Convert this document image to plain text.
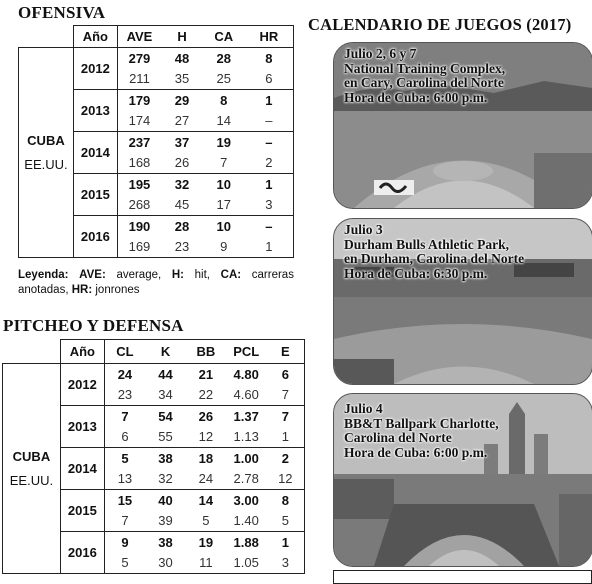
OFENSIVA
	Año	AVE	H	CA	HR

CUBA
EE.UU.	2012	279	48	28	8
		211	35	25	6
	2013	179	29	8	1
		174	27	14	–
	2014	237	37	19	–
		168	26	7	2
	2015	195	32	10	1
		268	45	17	3
	2016	190	28	10	–
		169	23	9	1
Leyenda: AVE: average, H: hit, CA: carreras anotadas, HR: jonrones
PITCHEO Y DEFENSA
	Año	CL	K	BB	PCL	E

CUBA
EE.UU.	2012	24	44	21	4.80	6
		23	34	22	4.60	7
	2013	7	54	26	1.37	7
		6	55	12	1.13	1
	2014	5	38	18	1.00	2
		13	32	24	2.78	12
	2015	15	40	14	3.00	8
		7	39	5	1.40	5
	2016	9	38	19	1.88	1
		5	30	11	1.05	3
CALENDARIO DE JUEGOS (2017)
Julio 2, 6 y 7
National Training Complex,
en Cary, Carolina del Norte
Hora de Cuba: 6:00 p.m.
Julio 3
Durham Bulls Athletic Park,
en Durham, Carolina del Norte
Hora de Cuba: 6:30 p.m.
Julio 4
BB&T Ballpark Charlotte,
Carolina del Norte
Hora de Cuba: 6:00 p.m.
